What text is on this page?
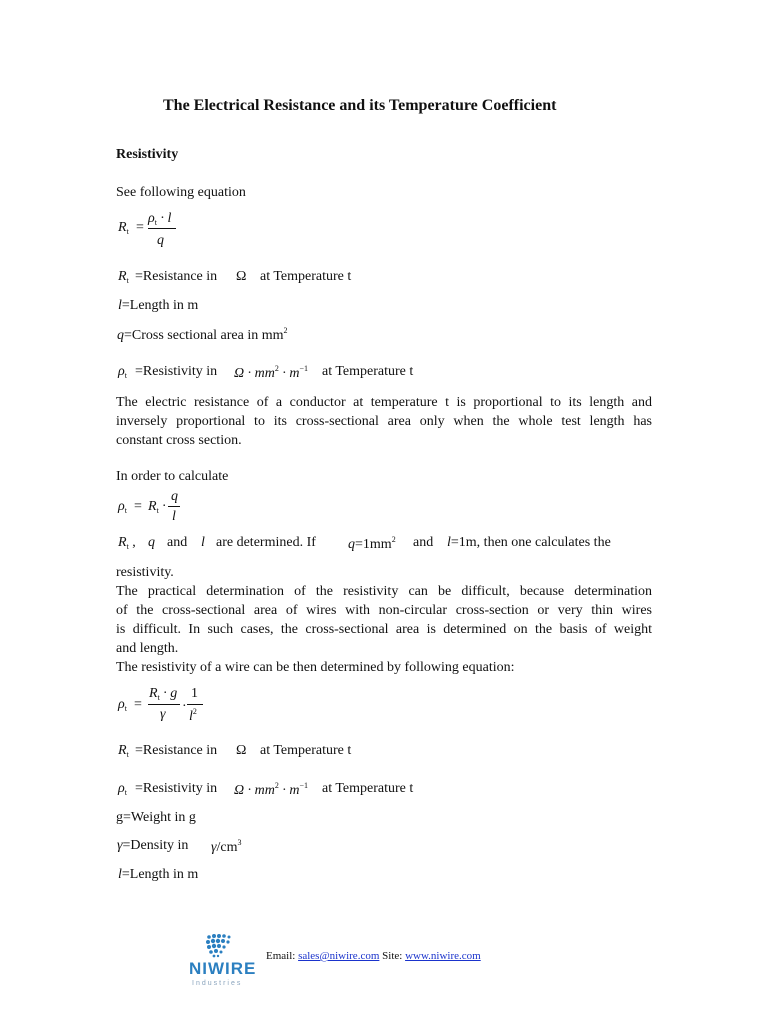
The Electrical Resistance and its Temperature Coefficient
Resistivity
See following equation
$R_t$ =
$\rho_t \cdot l$
q
$R_t$ =Resistance in Ω at Temperature t
l=Length in m
q=Cross sectional area in $mm^2$
$\rho_t$ =Resistivity in $\Omega \cdot mm^2 \cdot m^{-1}$ at Temperature t
The electric resistance of a conductor at temperature t is proportional to its length and
inversely proportional to its cross-sectional area only when the whole test length has
constant cross section.
In order to calculate
$\rho_t = R_t$ ·
q
l
$R_t$ , q and l are determined. If $q=1mm^2$ and l=1m, then one calculates the
resistivity.
The practical determination of the resistivity can be difficult, because determination
of the cross-sectional area of wires with non-circular cross-section or very thin wires
is difficult. In such cases, the cross-sectional area is determined on the basis of weight
and length.
The resistivity of a wire can be then determined by following equation:
$\rho_t$ =
$R_t \cdot g$
γ
·
1
$l^2$
$R_t$ =Resistance in Ω at Temperature t
$\rho_t$ =Resistivity in $\Omega \cdot mm^2 \cdot m^{-1}$ at Temperature t
g=Weight in g
γ=Density in $\gamma/cm^3$
l=Length in m
NIWIRE
Industries
Email: sales@niwire.com Site: www.niwire.com
